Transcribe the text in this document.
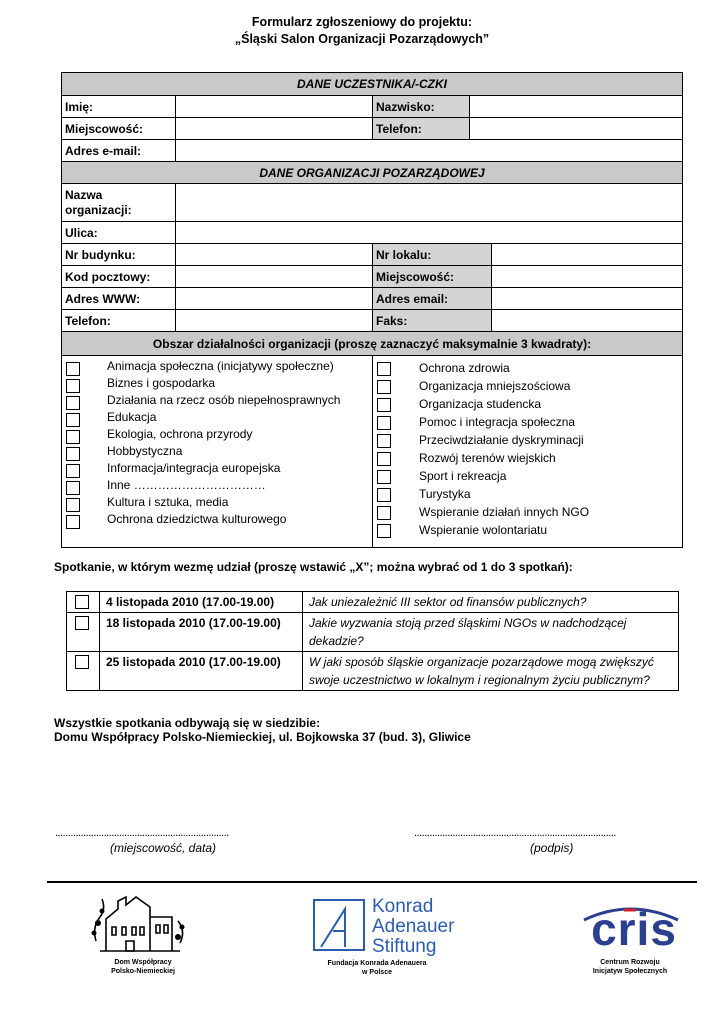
Formularz zgłoszeniowy do projektu:
„Śląski Salon Organizacji Pozarządowych”
DANE UCZESTNIKA/-CZKI
Imię:	Nazwisko:
Miejscowość:	Telefon:
Adres e-mail:
DANE ORGANIZACJI POZARZĄDOWEJ
Nazwa
organizacji:
Ulica:
Nr budynku:	Nr lokalu:
Kod pocztowy:	Miejscowość:
Adres WWW:	Adres email:
Telefon:	Faks:
Obszar działalności organizacji (proszę zaznaczyć maksymalnie 3 kwadraty):
Animacja społeczna (inicjatywy społeczne)
Biznes i gospodarka
Działania na rzecz osób niepełnosprawnych
Edukacja
Ekologia, ochrona przyrody
Hobbystyczna
Informacja/integracja europejska
Inne ……………………………
Kultura i sztuka, media
Ochrona dziedzictwa kulturowego
Ochrona zdrowia
Organizacja mniejszościowa
Organizacja studencka
Pomoc i integracja społeczna
Przeciwdziałanie dyskryminacji
Rozwój terenów wiejskich
Sport i rekreacja
Turystyka
Wspieranie działań innych NGO
Wspieranie wolontariatu
Spotkanie, w którym wezmę udział (proszę wstawić „X”; można wybrać od 1 do 3 spotkań):
4 listopada 2010 (17.00-19.00)	Jak uniezależnić III sektor od finansów publicznych?
18 listopada 2010 (17.00-19.00)	Jakie wyzwania stoją przed śląskimi NGOs w nadchodzącej dekadzie?
25 listopada 2010 (17.00-19.00)	W jaki sposób śląskie organizacje pozarządowe mogą zwiększyć swoje uczestnictwo w lokalnym i regionalnym życiu publicznym?
Wszystkie spotkania odbywają się w siedzibie:
Domu Współpracy Polsko-Niemieckiej, ul. Bojkowska 37 (bud. 3), Gliwice
....................................................................
(miejscowość, data)
...............................................................................
(podpis)
Dom Współpracy
Polsko-Niemieckiej
Konrad
Adenauer
Stiftung
Fundacja Konrada Adenauera
w Polsce
cris
Centrum Rozwoju
Inicjatyw Społecznych
